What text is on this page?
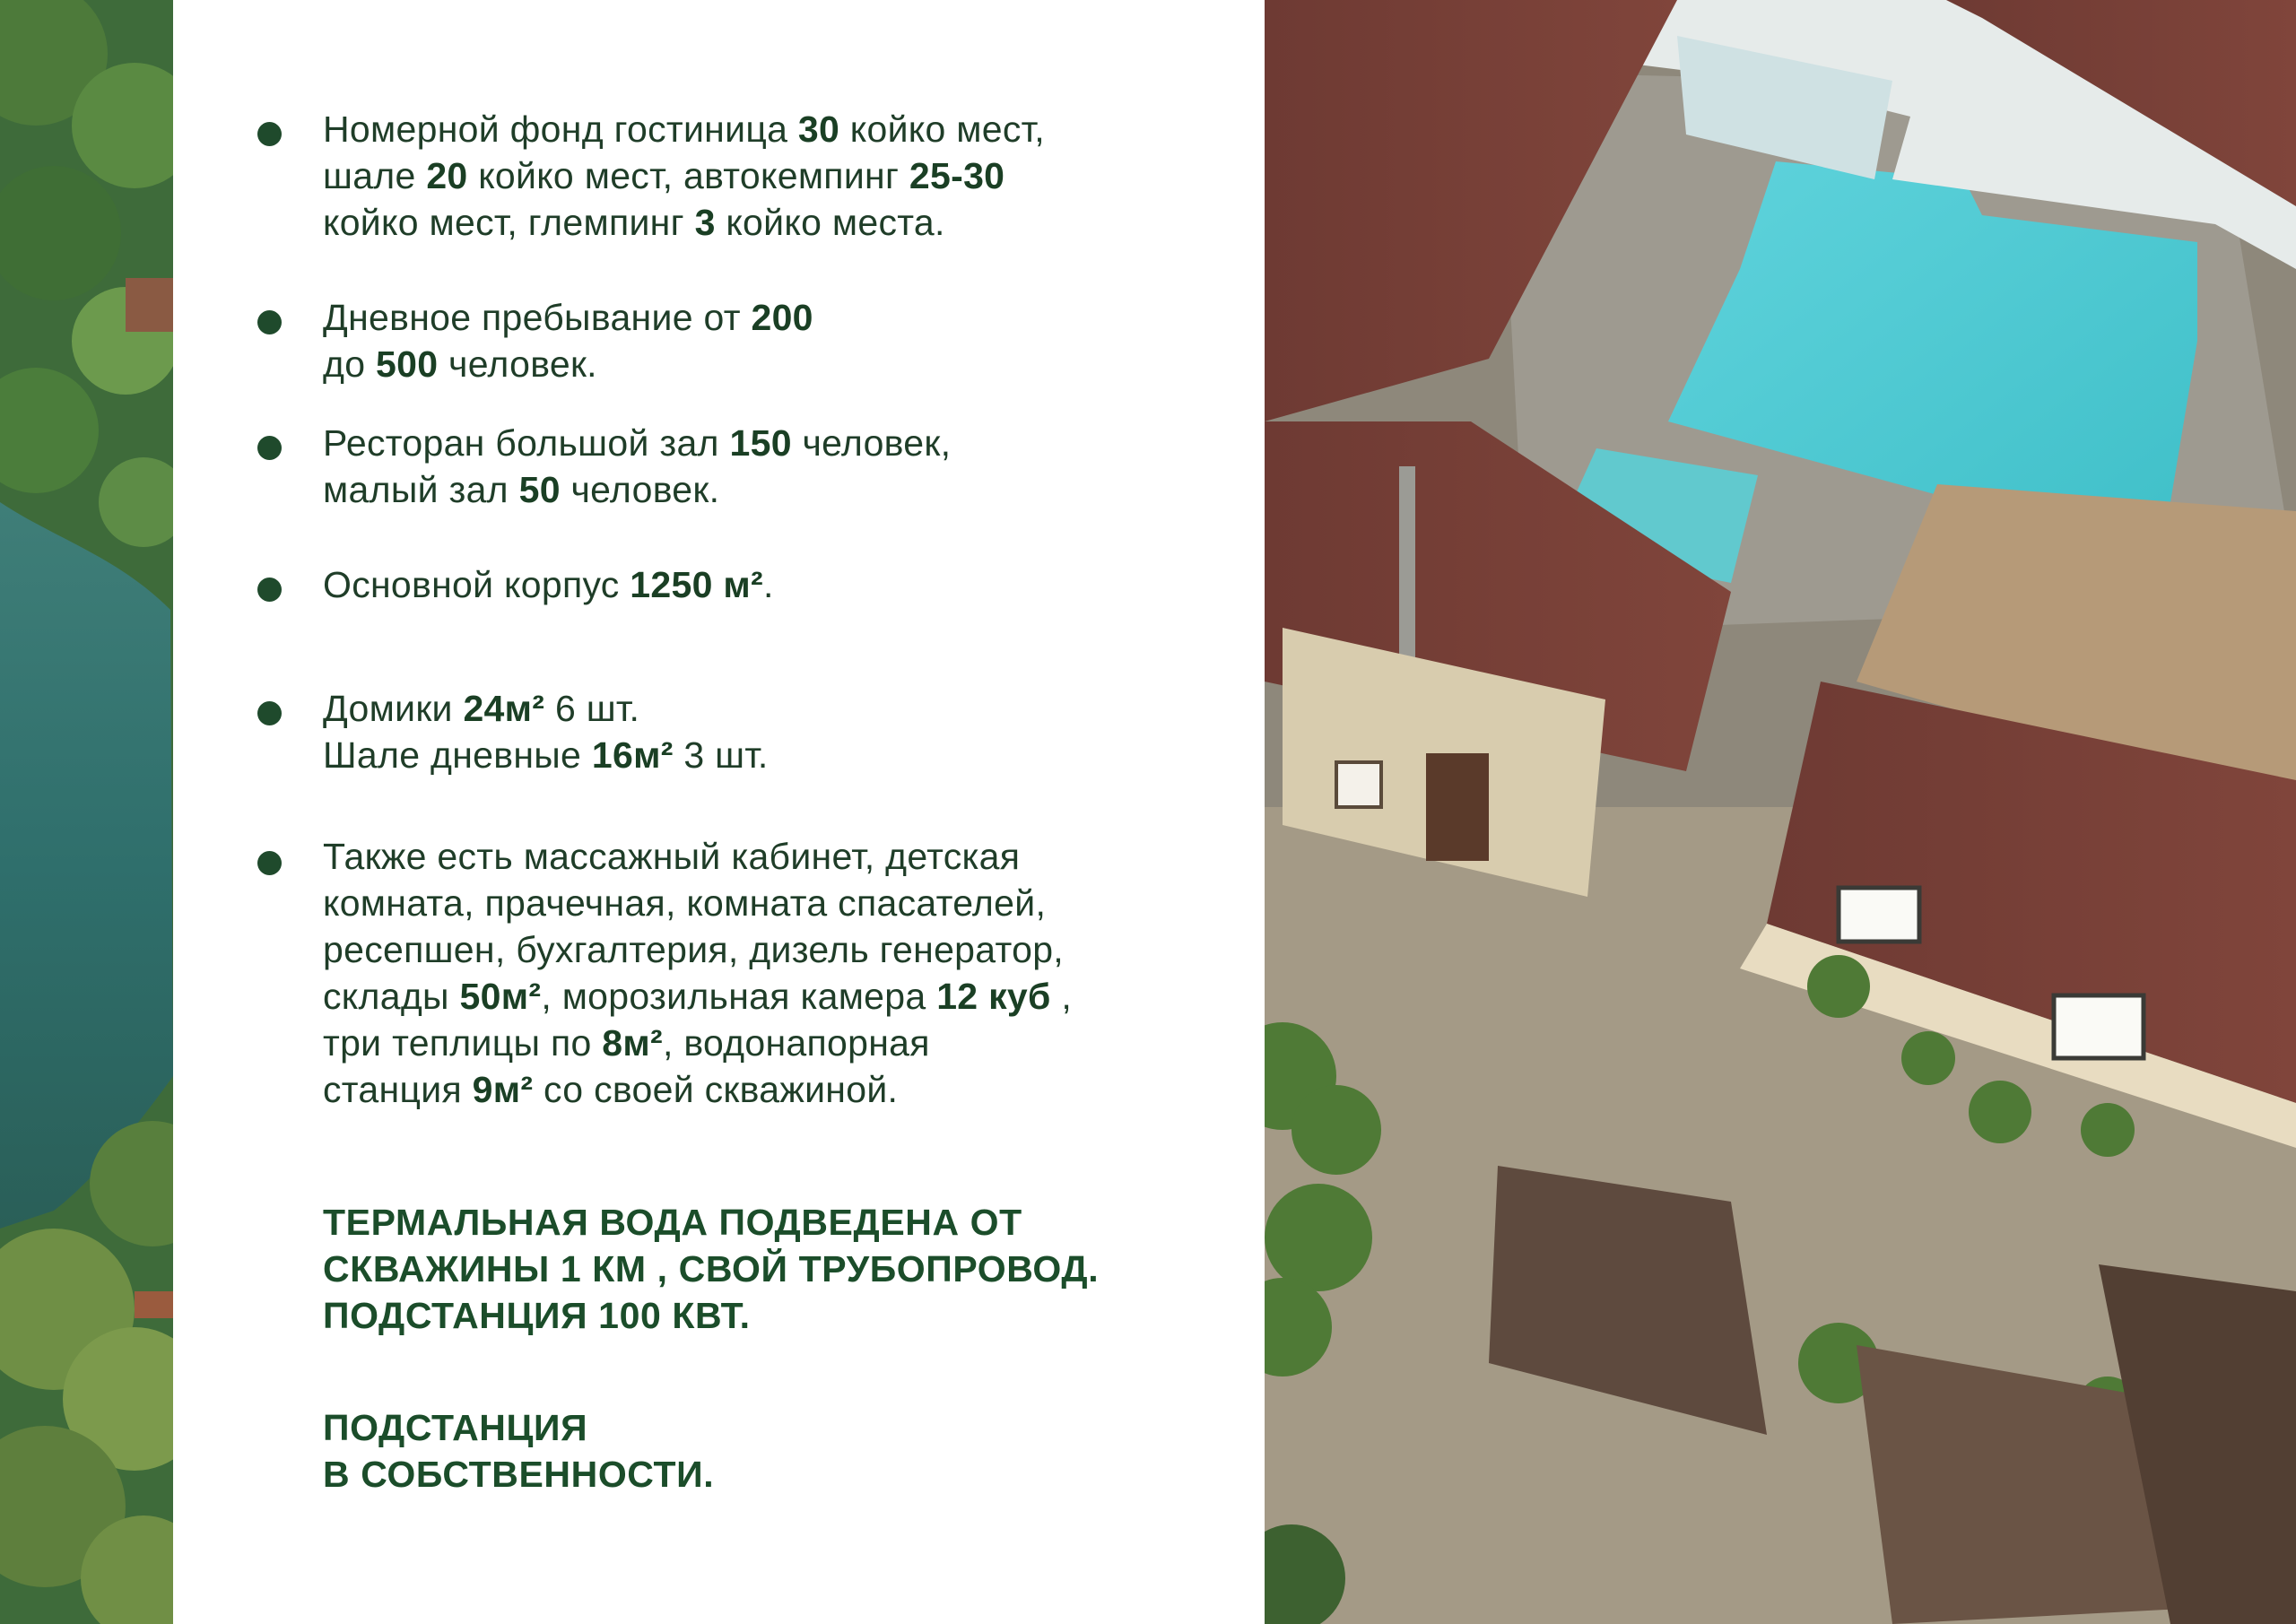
Номерной фонд гостиница 30 койко мест,
шале 20 койко мест, автокемпинг 25-30
койко мест, глемпинг 3 койко места.
Дневное пребывание от 200
до 500 человек.
Ресторан большой зал 150 человек,
малый зал 50 человек.
Основной корпус 1250 м².
Домики 24м² 6 шт.
Шале дневные 16м² 3 шт.
Также есть массажный кабинет, детская
комната, прачечная, комната спасателей,
ресепшен, бухгалтерия, дизель генератор,
склады 50м², морозильная камера 12 куб ,
три теплицы по 8м², водонапорная
станция 9м² со своей скважиной.
ТЕРМАЛЬНАЯ ВОДА ПОДВЕДЕНА ОТ
СКВАЖИНЫ 1 КМ , СВОЙ ТРУБОПРОВОД.
ПОДСТАНЦИЯ 100 КВТ.
ПОДСТАНЦИЯ
В СОБСТВЕННОСТИ.
